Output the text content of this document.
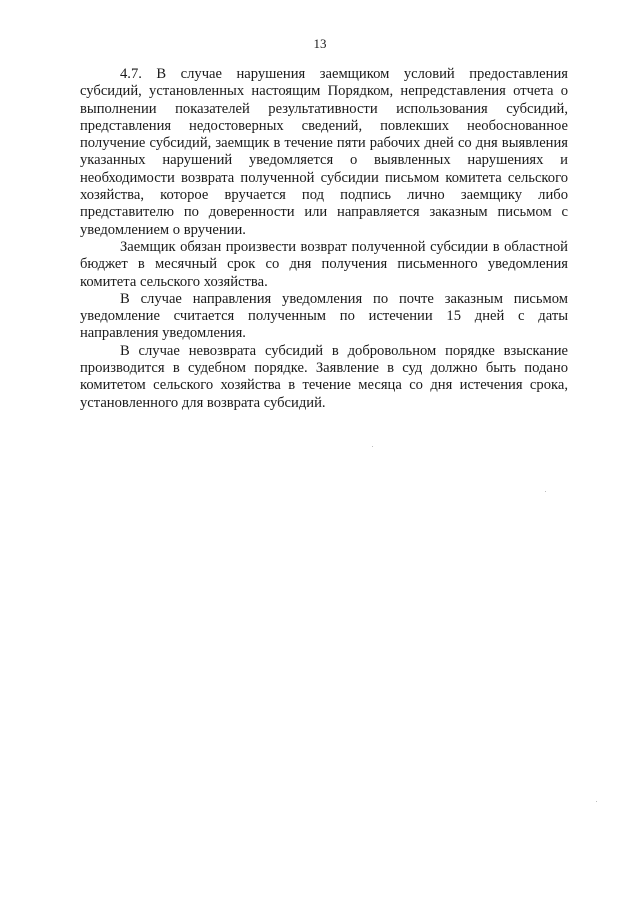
13

4.7. В случае нарушения заемщиком условий предоставления субсидий, установленных настоящим Порядком, непредставления отчета о выполнении показателей результативности использования субсидий, представления недостоверных сведений, повлекших необоснованное получение субсидий, заемщик в течение пяти рабочих дней со дня выявления указанных нарушений уведомляется о выявленных нарушениях и необходимости возврата полученной субсидии письмом комитета сельского хозяйства, которое вручается под подпись лично заемщику либо представителю по доверенности или направляется заказным письмом с уведомлением о вручении.

Заемщик обязан произвести возврат полученной субсидии в областной бюджет в месячный срок со дня получения письменного уведомления комитета сельского хозяйства.

В случае направления уведомления по почте заказным письмом уведомление считается полученным по истечении 15 дней с даты направления уведомления.

В случае невозврата субсидий в добровольном порядке взыскание производится в судебном порядке. Заявление в суд должно быть подано комитетом сельского хозяйства в течение месяца со дня истечения срока, установленного для возврата субсидий.
